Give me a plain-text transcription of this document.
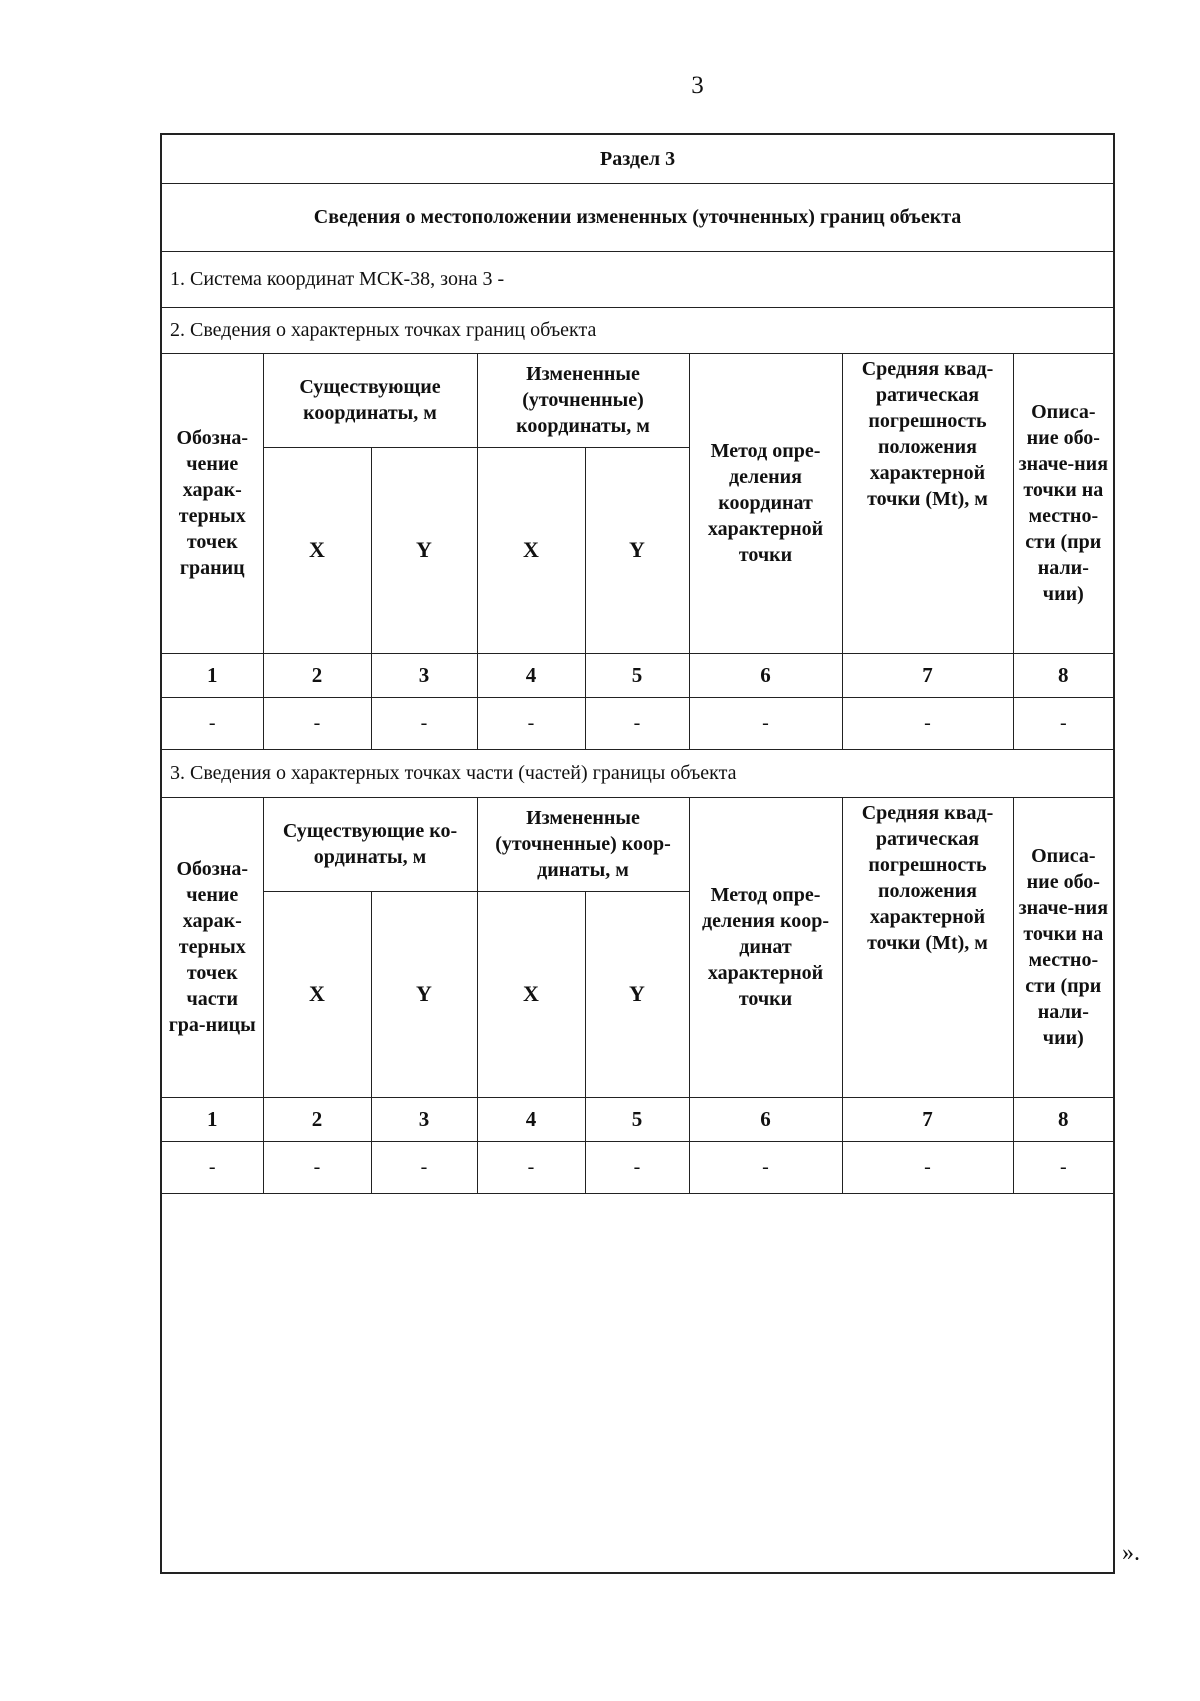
3
Раздел 3							
Сведения о местоположении измененных (уточненных) границ объекта							
1. Система координат МСК-38, зона 3 -							
2. Сведения о характерных точках границ объекта							
Обозна-чение харак-терных точек границ	Существующие координаты, м		Измененные (уточненные) координаты, м		Метод опре-деления координат характерной точки	Средняя квад-ратическая погрешность положения характерной точки (Mt), м	Описа-ние обо-значе-ния точки на местно-сти (при нали-чии)
	X	Y	X	Y			
1	2	3	4	5	6	7	8
-	-	-	-	-	-	-	-
3. Сведения о характерных точках части (частей) границы объекта							
Обозна-чение харак-терных точек части гра-ницы	Существующие ко-ординаты, м		Измененные (уточненные) коор-динаты, м		Метод опре-деления коор-динат характерной точки	Средняя квад-ратическая погрешность положения характерной точки (Mt), м	Описа-ние обо-значе-ния точки на местно-сти (при нали-чии)
	X	Y	X	Y			
1	2	3	4	5	6	7	8
-	-	-	-	-	-	-	-
».
